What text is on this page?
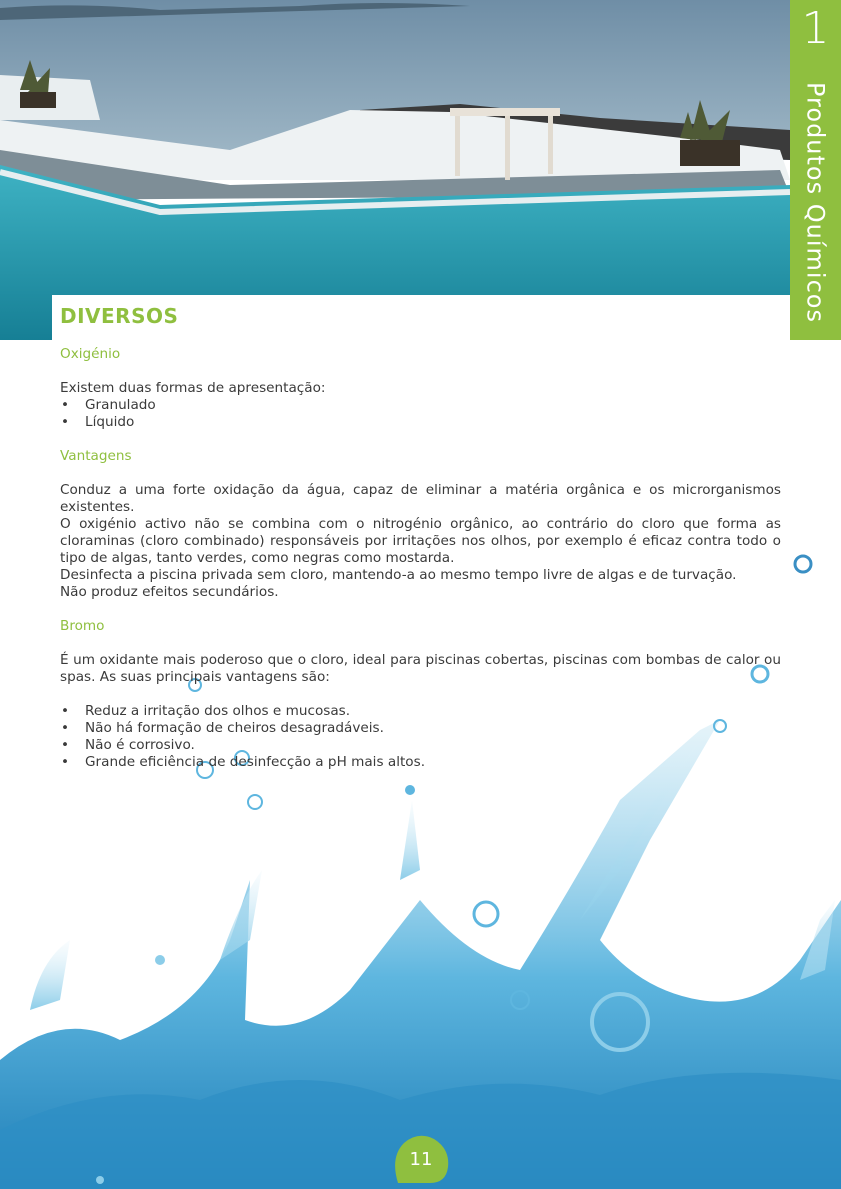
1
Produtos Químicos
DIVERSOS

Oxigénio

Existem duas formas de apresentação:

• Granulado
• Líquido

Vantagens

Conduz a uma forte oxidação da água, capaz de eliminar a matéria orgânica e os microrganismos existentes.

O oxigénio activo não se combina com o nitrogénio orgânico, ao contrário do cloro que forma as cloraminas (cloro combinado) responsáveis por irritações nos olhos, por exemplo é eficaz contra todo o tipo de algas, tanto verdes, como negras como mostarda.

Desinfecta a piscina privada sem cloro, mantendo-a ao mesmo tempo livre de algas e de turvação.

Não produz efeitos secundários.

Bromo

É um oxidante mais poderoso que o cloro, ideal para piscinas cobertas, piscinas com bombas de calor ou spas. As suas principais vantagens são:

• Reduz a irritação dos olhos e mucosas.
• Não há formação de cheiros desagradáveis.
• Não é corrosivo.
• Grande eficiência de desinfecção a pH mais altos.
11
